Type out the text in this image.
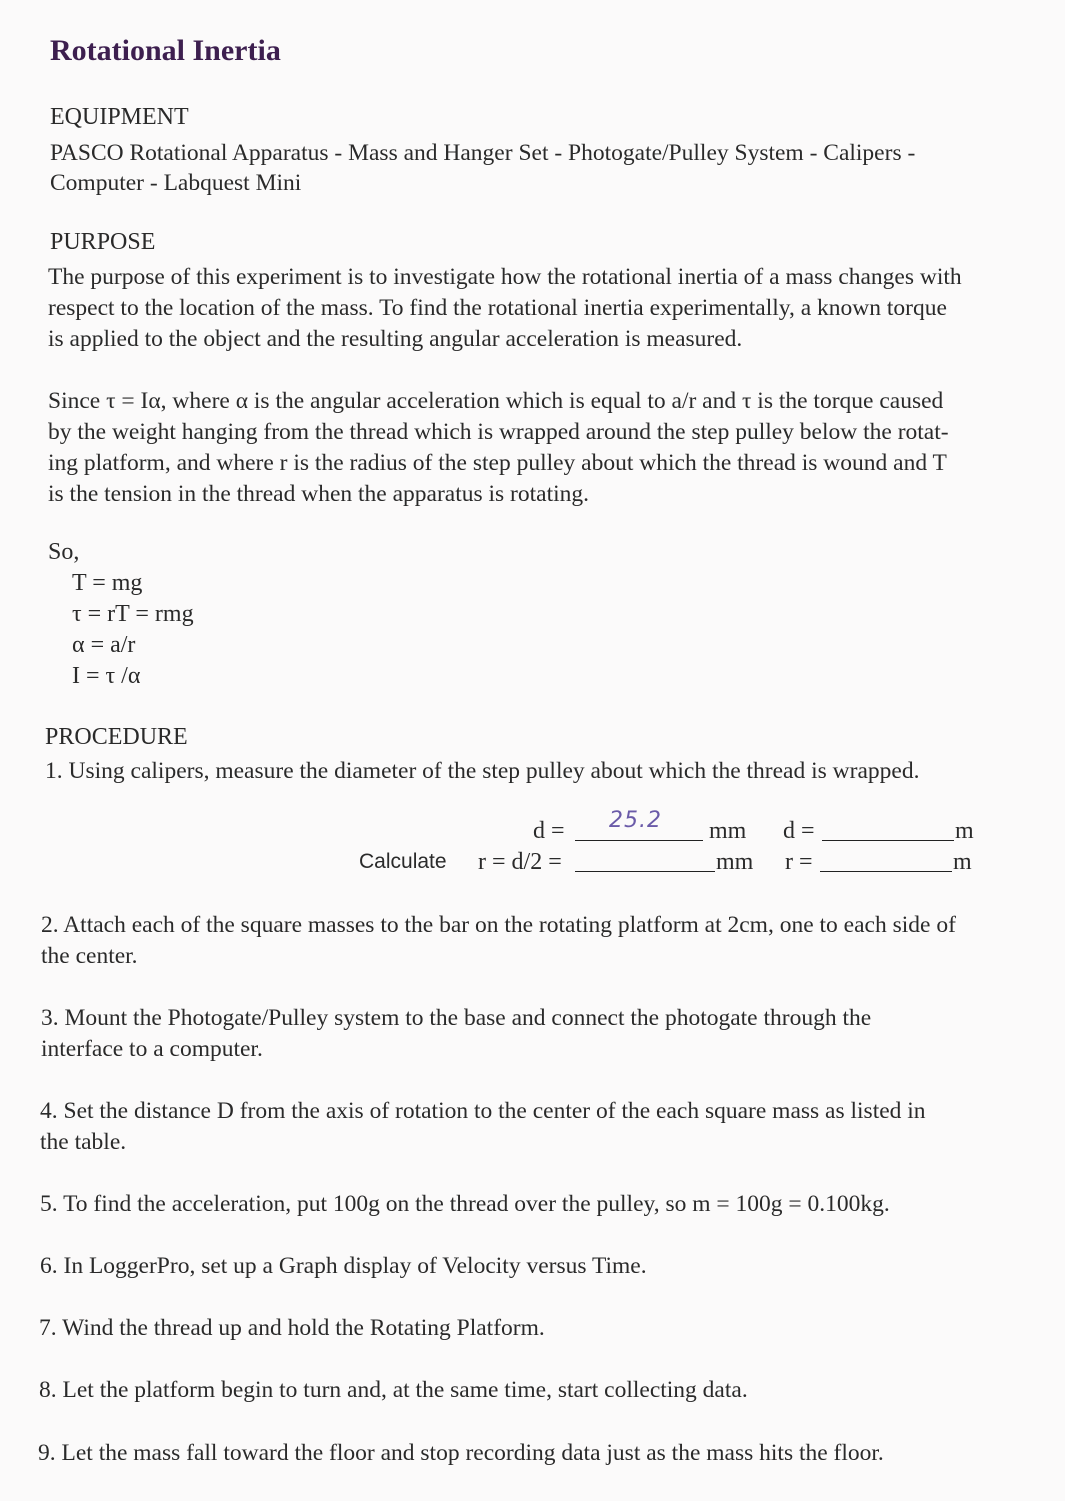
Rotational Inertia
EQUIPMENT
PASCO Rotational Apparatus - Mass and Hanger Set - Photogate/Pulley System - Calipers -
Computer - Labquest Mini
PURPOSE
The purpose of this experiment is to investigate how the rotational inertia of a mass changes with
respect to the location of the mass. To find the rotational inertia experimentally, a known torque
is applied to the object and the resulting angular acceleration is measured.
Since τ = Iα, where α is the angular acceleration which is equal to a/r and τ is the torque caused
by the weight hanging from the thread which is wrapped around the step pulley below the rotat-
ing platform, and where r is the radius of the step pulley about which the thread is wound and T
is the tension in the thread when the apparatus is rotating.
So,
T = mg
τ = rT = rmg
α = a/r
I = τ /α
PROCEDURE
1. Using calipers, measure the diameter of the step pulley about which the thread is wrapped.
d = 25.2 mm d =	m
Calculate r = d/2 =	mm r =	m
2. Attach each of the square masses to the bar on the rotating platform at 2cm, one to each side of
the center.
3. Mount the Photogate/Pulley system to the base and connect the photogate through the
interface to a computer.
4. Set the distance D from the axis of rotation to the center of the each square mass as listed in
the table.
5. To find the acceleration, put 100g on the thread over the pulley, so m = 100g = 0.100kg.
6. In LoggerPro, set up a Graph display of Velocity versus Time.
7. Wind the thread up and hold the Rotating Platform.
8. Let the platform begin to turn and, at the same time, start collecting data.
9. Let the mass fall toward the floor and stop recording data just as the mass hits the floor.
